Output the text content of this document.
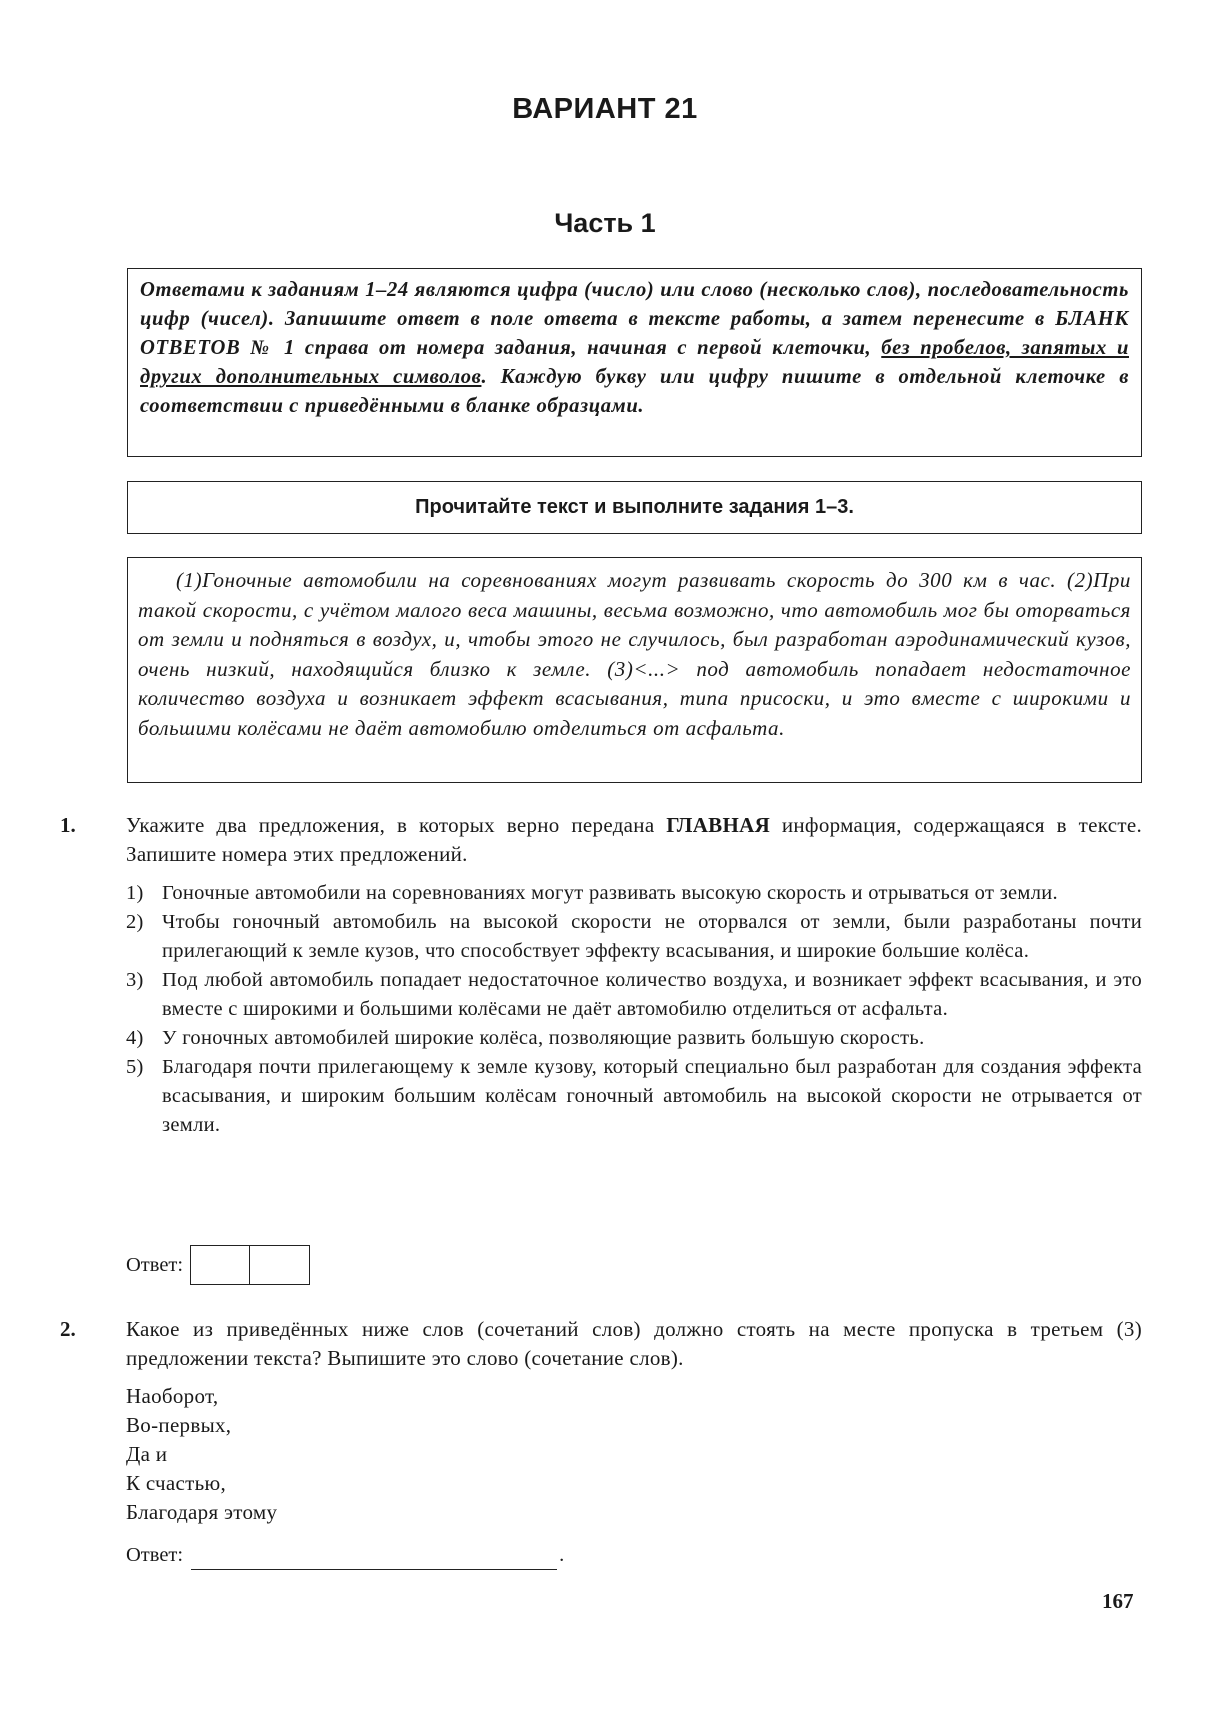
ВАРИАНТ 21
Часть 1
Ответами к заданиям 1–24 являются цифра (число) или слово (несколько слов), последовательность цифр (чисел). Запишите ответ в поле ответа в тексте работы, а затем перенесите в БЛАНК ОТВЕТОВ № 1 справа от номера задания, начиная с первой клеточки, без пробелов, запятых и других дополнительных символов. Каждую букву или цифру пишите в отдельной клеточке в соответствии с приведёнными в бланке образцами.
Прочитайте текст и выполните задания 1–3.
(1)Гоночные автомобили на соревнованиях могут развивать скорость до 300 км в час. (2)При такой скорости, с учётом малого веса машины, весьма возможно, что автомобиль мог бы оторваться от земли и подняться в воздух, и, чтобы этого не случилось, был разработан аэродинамический кузов, очень низкий, находящийся близко к земле. (3)<...> под автомобиль попадает недостаточное количество воздуха и возникает эффект всасывания, типа присоски, и это вместе с широкими и большими колёсами не даёт автомобилю отделиться от асфальта.
1. Укажите два предложения, в которых верно передана ГЛАВНАЯ информация, содержащаяся в тексте. Запишите номера этих предложений.
1) Гоночные автомобили на соревнованиях могут развивать высокую скорость и отрываться от земли.
2) Чтобы гоночный автомобиль на высокой скорости не оторвался от земли, были разработаны почти прилегающий к земле кузов, что способствует эффекту всасывания, и широкие большие колёса.
3) Под любой автомобиль попадает недостаточное количество воздуха, и возникает эффект всасывания, и это вместе с широкими и большими колёсами не даёт автомобилю отделиться от асфальта.
4) У гоночных автомобилей широкие колёса, позволяющие развить большую скорость.
5) Благодаря почти прилегающему к земле кузову, который специально был разработан для создания эффекта всасывания, и широким большим колёсам гоночный автомобиль на высокой скорости не отрывается от земли.
Ответ:
2. Какое из приведённых ниже слов (сочетаний слов) должно стоять на месте пропуска в третьем (3) предложении текста? Выпишите это слово (сочетание слов).
Наоборот,
Во-первых,
Да и
К счастью,
Благодаря этому
Ответ:	.
167
